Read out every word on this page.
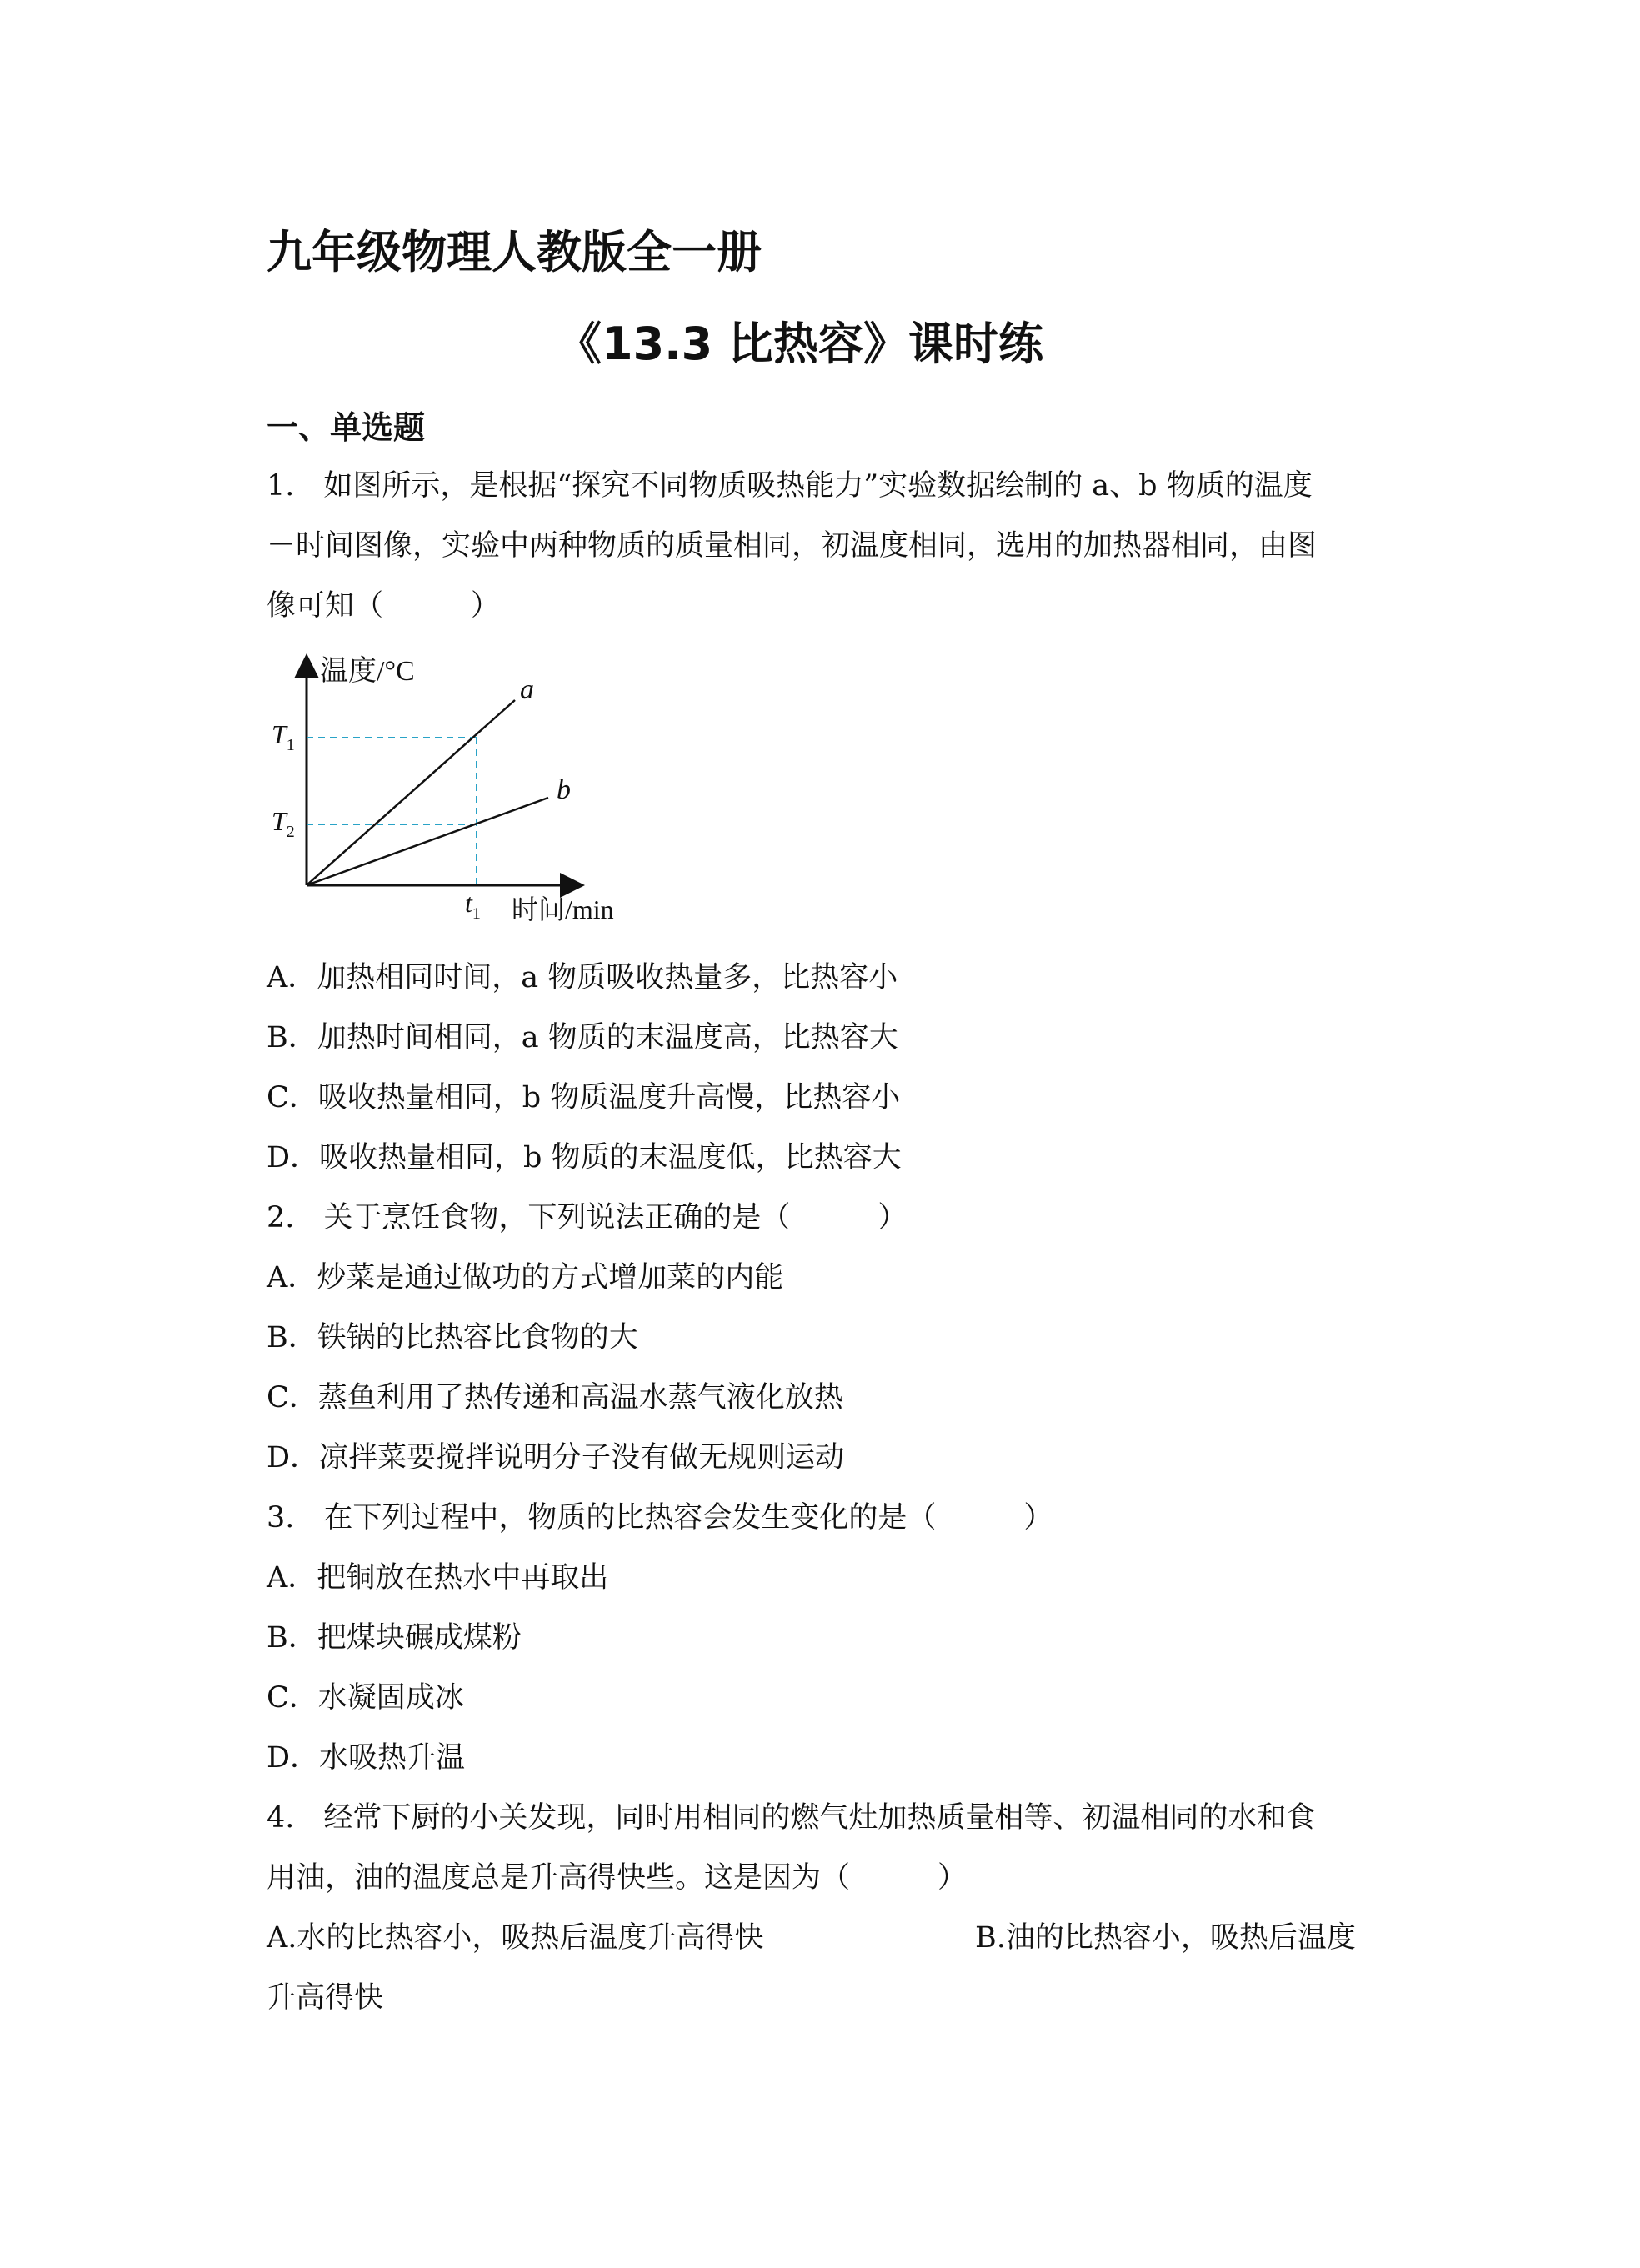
九年级物理人教版全一册
《13.3 比热容》课时练
一、单选题
1.　如图所示，是根据“探究不同物质吸热能力”实验数据绘制的 a、b 物质的温度
－时间图像，实验中两种物质的质量相同，初温度相同，选用的加热器相同，由图
像可知（　　　）
温度/°C
时间/min
a
b
$T_1$
$T_2$
$t_1$
A．加热相同时间，a 物质吸收热量多，比热容小
B．加热时间相同，a 物质的末温度高，比热容大
C．吸收热量相同，b 物质温度升高慢，比热容小
D．吸收热量相同，b 物质的末温度低，比热容大
2.　关于烹饪食物，下列说法正确的是（　　　）
A．炒菜是通过做功的方式增加菜的内能
B．铁锅的比热容比食物的大
C．蒸鱼利用了热传递和高温水蒸气液化放热
D．凉拌菜要搅拌说明分子没有做无规则运动
3.　在下列过程中，物质的比热容会发生变化的是（　　　）
A．把铜放在热水中再取出
B．把煤块碾成煤粉
C．水凝固成冰
D．水吸热升温
4.　经常下厨的小关发现，同时用相同的燃气灶加热质量相等、初温相同的水和食
用油，油的温度总是升高得快些。这是因为（　　　）
A.水的比热容小，吸热后温度升高得快	B.油的比热容小，吸热后温度
升高得快
